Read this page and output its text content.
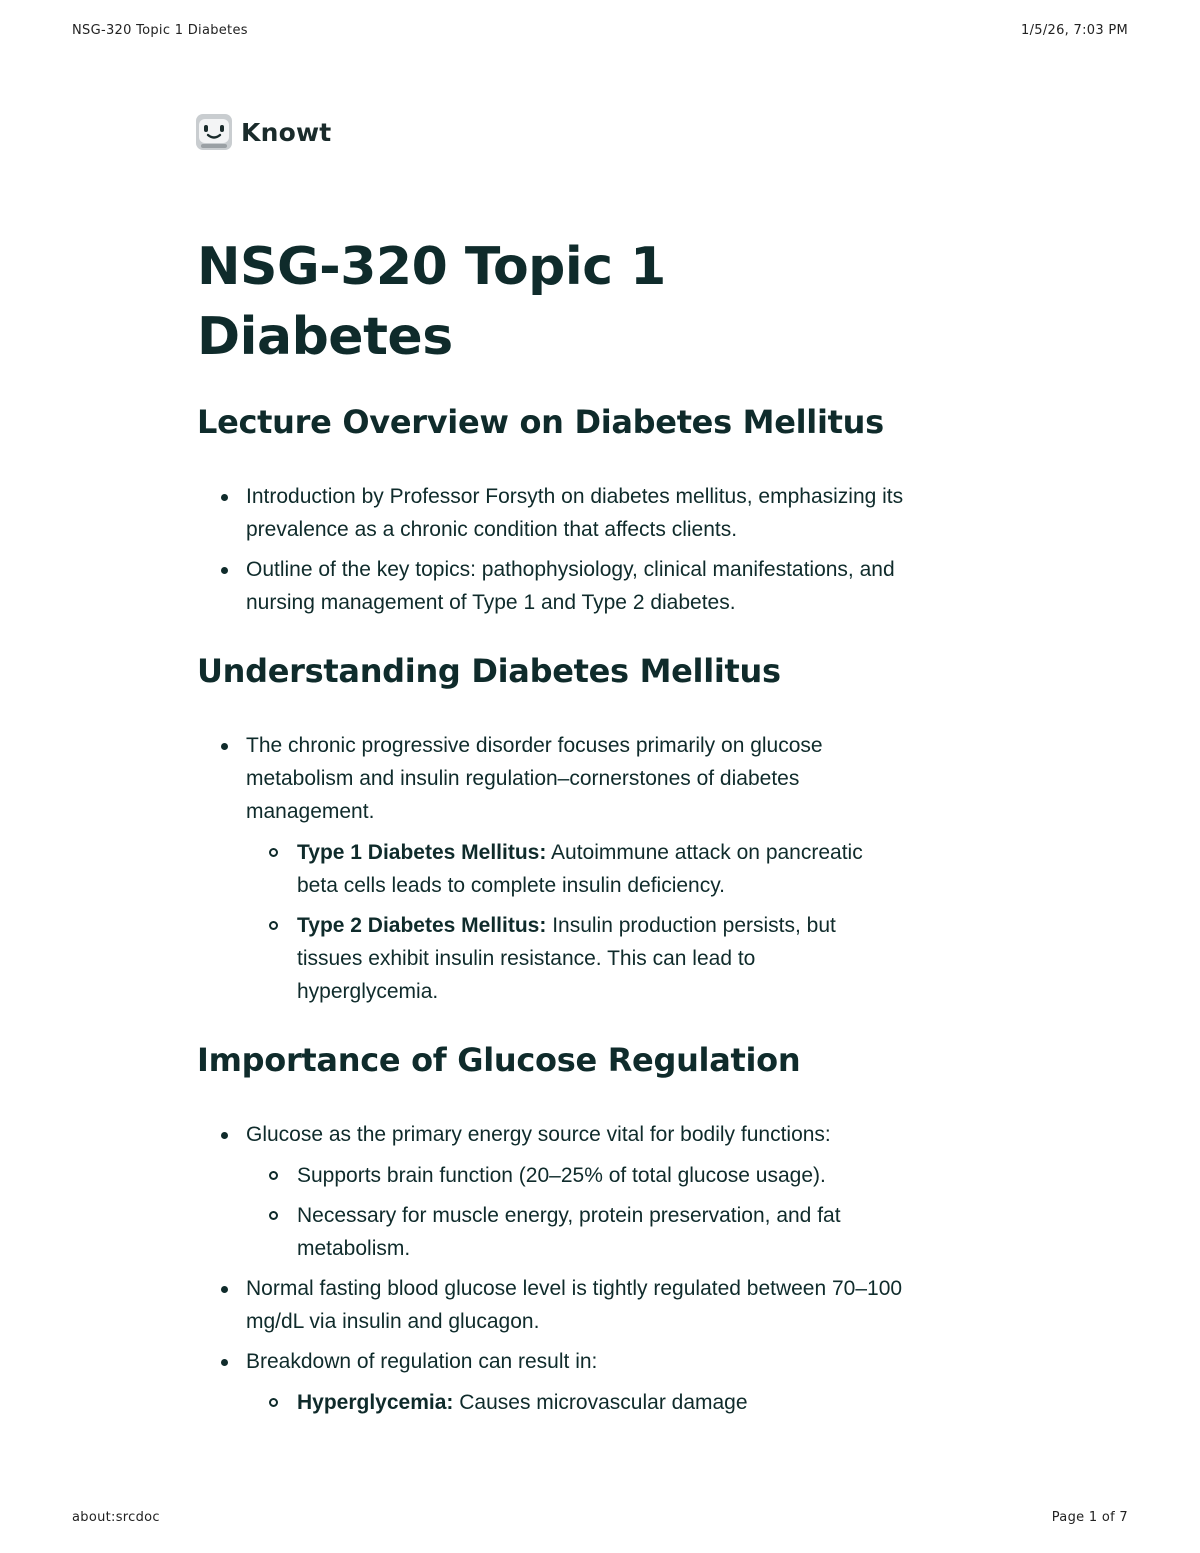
NSG-320 Topic 1 Diabetes	1/5/26, 7:03 PM
Knowt
NSG-320 Topic 1 Diabetes
Lecture Overview on Diabetes Mellitus
Introduction by Professor Forsyth on diabetes mellitus, emphasizing its prevalence as a chronic condition that affects clients.
Outline of the key topics: pathophysiology, clinical manifestations, and nursing management of Type 1 and Type 2 diabetes.
Understanding Diabetes Mellitus
The chronic progressive disorder focuses primarily on glucose metabolism and insulin regulation–cornerstones of diabetes management.
Type 1 Diabetes Mellitus: Autoimmune attack on pancreatic beta cells leads to complete insulin deficiency.
Type 2 Diabetes Mellitus: Insulin production persists, but tissues exhibit insulin resistance. This can lead to hyperglycemia.
Importance of Glucose Regulation
Glucose as the primary energy source vital for bodily functions:
Supports brain function (20–25% of total glucose usage).
Necessary for muscle energy, protein preservation, and fat metabolism.
Normal fasting blood glucose level is tightly regulated between 70–100 mg/dL via insulin and glucagon.
Breakdown of regulation can result in:
Hyperglycemia: Causes microvascular damage
about:srcdoc	Page 1 of 7
